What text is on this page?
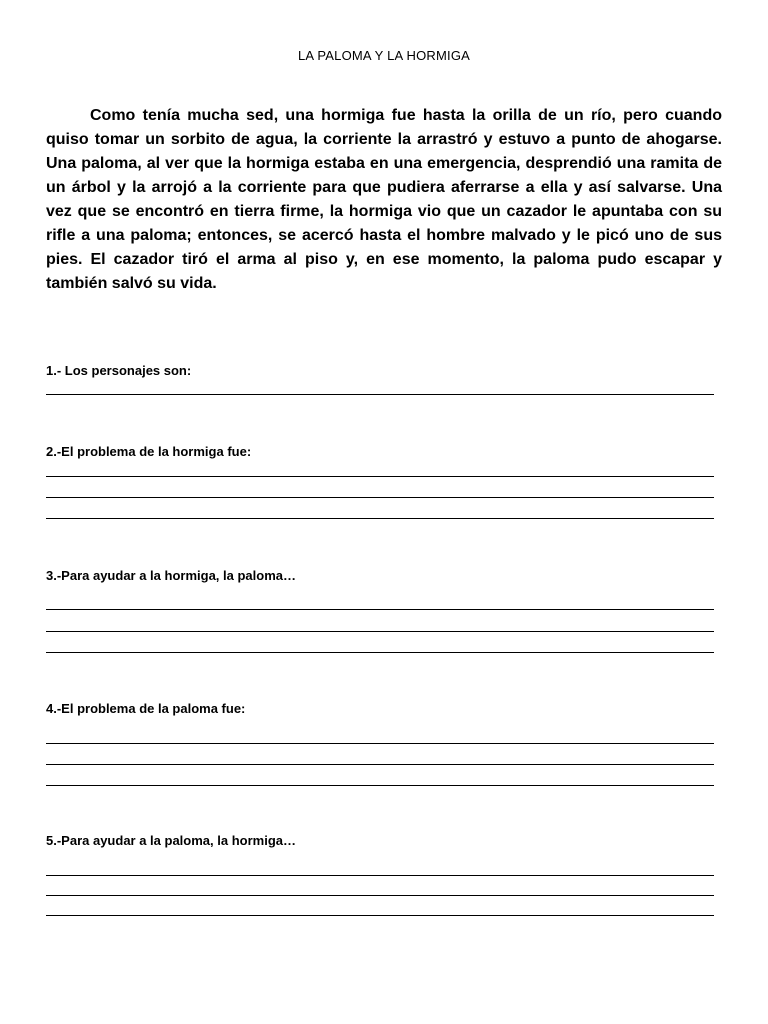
LA PALOMA Y LA HORMIGA

Como tenía mucha sed, una hormiga fue hasta la orilla de un río, pero cuando quiso tomar un sorbito de agua, la corriente la arrastró y estuvo a punto de ahogarse. Una paloma, al ver que la hormiga estaba en una emergencia, desprendió una ramita de un árbol y la arrojó a la corriente para que pudiera aferrarse a ella y así salvarse. Una vez que se encontró en tierra firme, la hormiga vio que un cazador le apuntaba con su rifle a una paloma; entonces, se acercó hasta el hombre malvado y le picó uno de sus pies. El cazador tiró el arma al piso y, en ese momento, la paloma pudo escapar y también salvó su vida.

1.- Los personajes son:
2.-El problema de la hormiga fue:
3.-Para ayudar a la hormiga, la paloma…
4.-El problema de la paloma fue:
5.-Para ayudar a la paloma, la hormiga…
